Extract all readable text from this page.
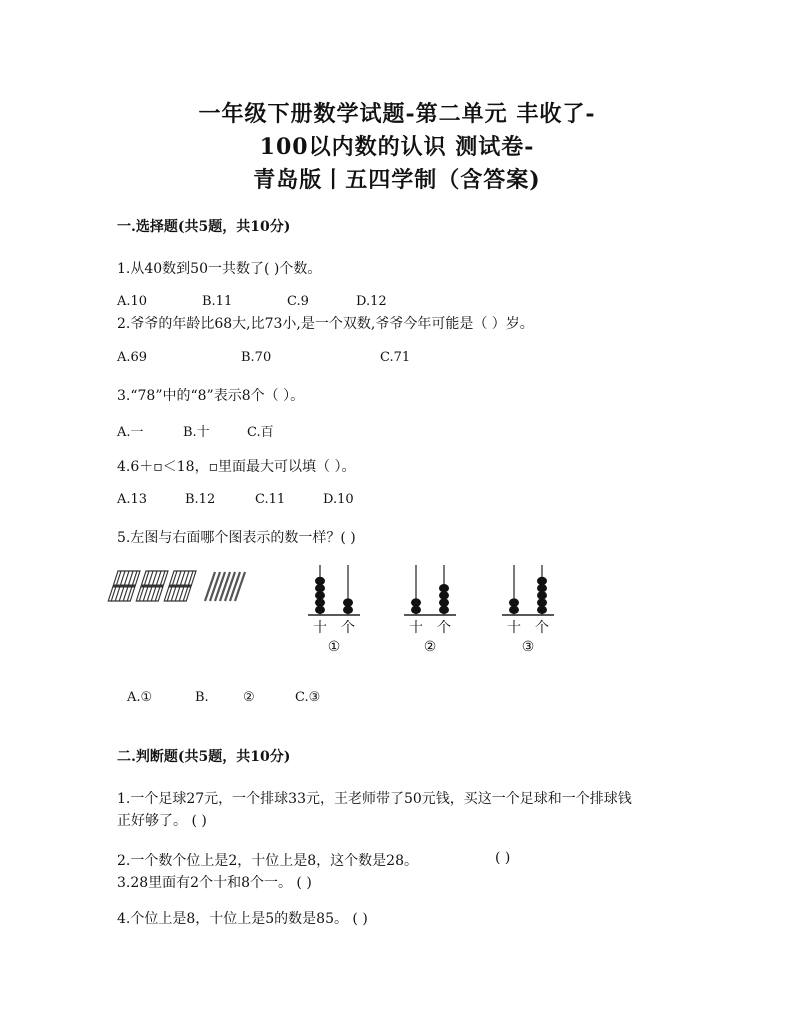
一年级下册数学试题-第二单元 丰收了-
100以内数的认识 测试卷-
青岛版丨五四学制（含答案)
一.选择题(共5题，共10分)
1.从40数到50一共数了( )个数。
A.10	B.11	C.9	D.12
2.爷爷的年龄比68大,比73小,是一个双数,爷爷今年可能是（ ）岁。
A.69	B.70	C.71
3.“78”中的“8”表示8个（ ）。
A.一	B.十	C.百
4.6＋▫＜18，▫里面最大可以填（ ）。
A.13	B.12	C.11	D.10
5.左图与右面哪个图表示的数一样？( )
十 个
①
十 个
②
十 个
③
A.①	B.	②	C.③
二.判断题(共5题，共10分)
1.一个足球27元，一个排球33元，王老师带了50元钱，买这一个足球和一个排球钱
正好够了。 ( )
2.一个数个位上是2，十位上是8，这个数是28。	( )
3.28里面有2个十和8个一。 ( )
4.个位上是8，十位上是5的数是85。 ( )
